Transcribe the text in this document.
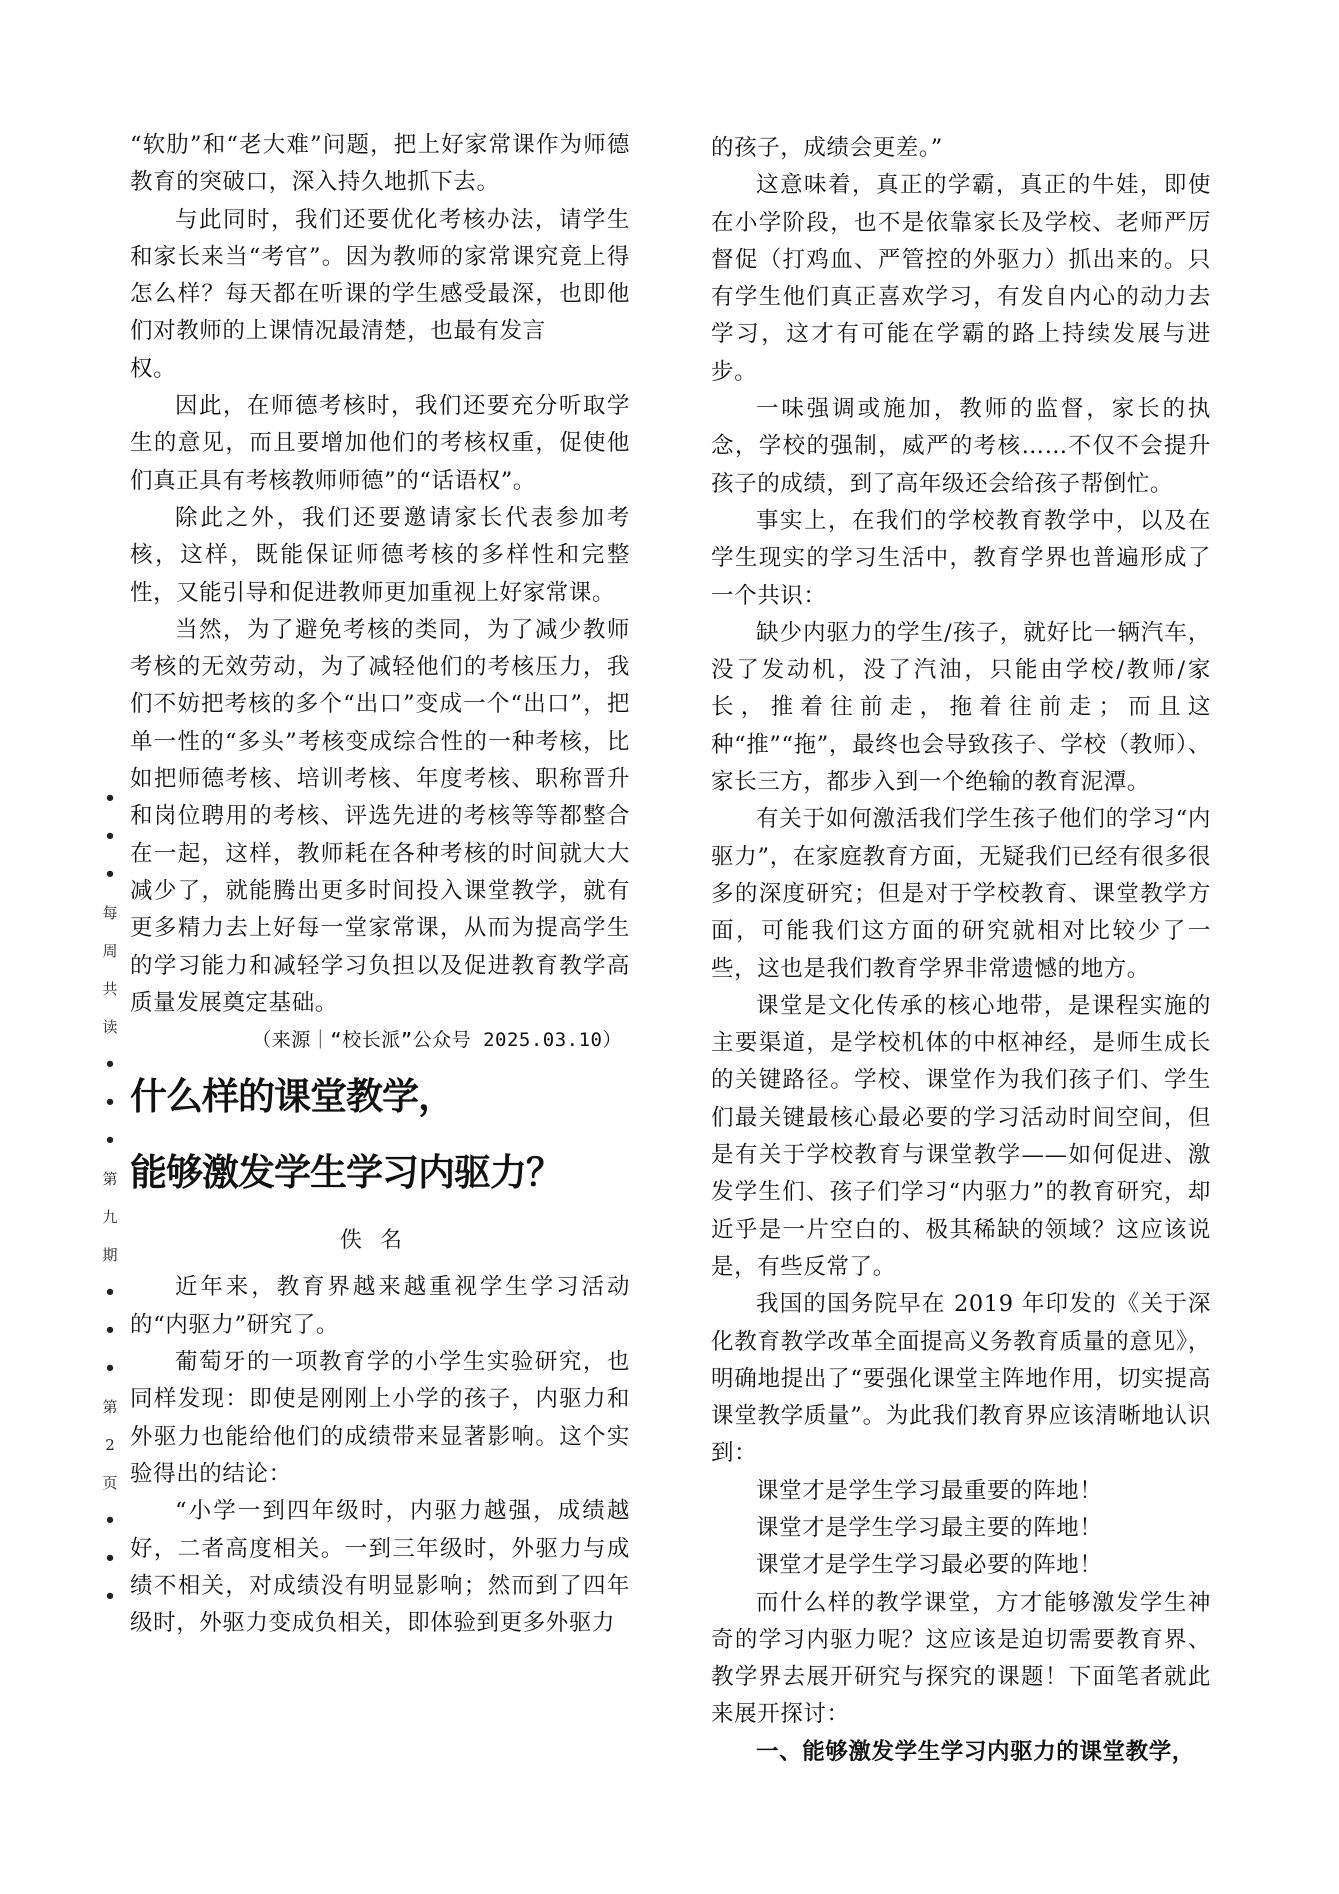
•
•
•
每
周
共
读
•
•
•
第
九
期
•
•
•
第
2
页
•
•
•

“软肋”和“老大难”问题，把上好家常课作为师德教育的突破口，深入持久地抓下去。

与此同时，我们还要优化考核办法，请学生和家长来当“考官”。因为教师的家常课究竟上得怎么样？每天都在听课的学生感受最深，也即他们对教师的上课情况最清楚，也最有发言

权。

因此，在师德考核时，我们还要充分听取学生的意见，而且要增加他们的考核权重，促使他们真正具有考核教师师德”的“话语权”。

除此之外，我们还要邀请家长代表参加考核，这样，既能保证师德考核的多样性和完整性，又能引导和促进教师更加重视上好家常课。

当然，为了避免考核的类同，为了减少教师考核的无效劳动，为了减轻他们的考核压力，我们不妨把考核的多个“出口”变成一个“出口”，把单一性的“多头”考核变成综合性的一种考核，比如把师德考核、培训考核、年度考核、职称晋升和岗位聘用的考核、评选先进的考核等等都整合在一起，这样，教师耗在各种考核的时间就大大减少了，就能腾出更多时间投入课堂教学，就有更多精力去上好每一堂家常课，从而为提高学生的学习能力和减轻学习负担以及促进教育教学高质量发展奠定基础。

（来源｜“校长派”公众号 2025.03.10）

什么样的课堂教学，
能够激发学生学习内驱力？
佚名

近年来，教育界越来越重视学生学习活动的“内驱力”研究了。

葡萄牙的一项教育学的小学生实验研究，也同样发现：即使是刚刚上小学的孩子，内驱力和外驱力也能给他们的成绩带来显著影响。这个实验得出的结论：

“小学一到四年级时，内驱力越强，成绩越好，二者高度相关。一到三年级时，外驱力与成绩不相关，对成绩没有明显影响；然而到了四年级时，外驱力变成负相关，即体验到更多外驱力

的孩子，成绩会更差。”

这意味着，真正的学霸，真正的牛娃，即使在小学阶段，也不是依靠家长及学校、老师严厉督促（打鸡血、严管控的外驱力）抓出来的。只有学生他们真正喜欢学习，有发自内心的动力去学习，这才有可能在学霸的路上持续发展与进步。

一味强调或施加，教师的监督，家长的执念，学校的强制，威严的考核……不仅不会提升孩子的成绩，到了高年级还会给孩子帮倒忙。

事实上，在我们的学校教育教学中，以及在学生现实的学习生活中，教育学界也普遍形成了一个共识：

缺少内驱力的学生/孩子，就好比一辆汽车，没了发动机，没了汽油，只能由学校/教师/家长，推着往前走，拖着往前走；而且这种“推”“拖”，最终也会导致孩子、学校（教师）、家长三方，都步入到一个绝输的教育泥潭。

有关于如何激活我们学生孩子他们的学习“内驱力”，在家庭教育方面，无疑我们已经有很多很多的深度研究；但是对于学校教育、课堂教学方面，可能我们这方面的研究就相对比较少了一些，这也是我们教育学界非常遗憾的地方。

课堂是文化传承的核心地带，是课程实施的主要渠道，是学校机体的中枢神经，是师生成长的关键路径。学校、课堂作为我们孩子们、学生们最关键最核心最必要的学习活动时间空间，但是有关于学校教育与课堂教学——如何促进、激发学生们、孩子们学习“内驱力”的教育研究，却近乎是一片空白的、极其稀缺的领域？这应该说是，有些反常了。

我国的国务院早在 2019 年印发的《关于深化教育教学改革全面提高义务教育质量的意见》，明确地提出了“要强化课堂主阵地作用，切实提高课堂教学质量”。为此我们教育界应该清晰地认识到：

课堂才是学生学习最重要的阵地！

课堂才是学生学习最主要的阵地！

课堂才是学生学习最必要的阵地！

而什么样的教学课堂，方才能够激发学生神奇的学习内驱力呢？这应该是迫切需要教育界、教学界去展开研究与探究的课题！下面笔者就此来展开探讨：

一、能够激发学生学习内驱力的课堂教学，
